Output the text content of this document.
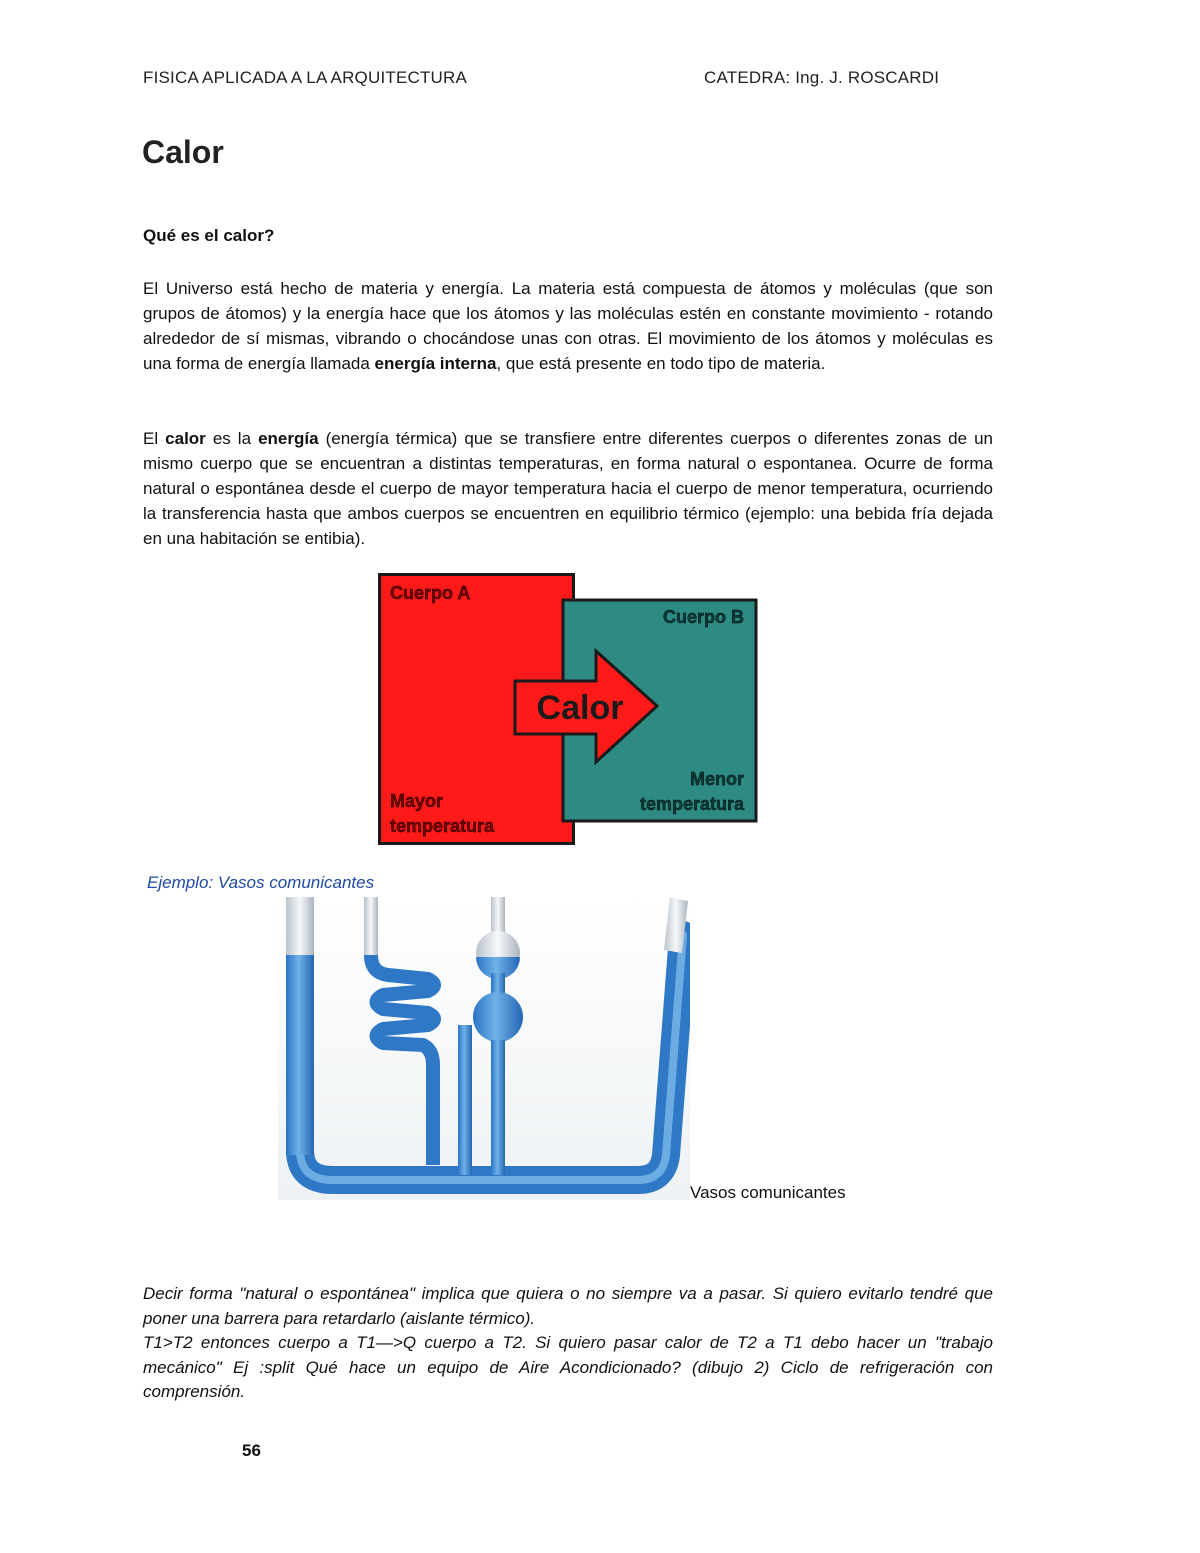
FISICA APLICADA A LA ARQUITECTURA	CATEDRA: Ing. J. ROSCARDI
Calor
Qué es el calor?

El Universo está hecho de materia y energía. La materia está compuesta de átomos y moléculas (que son grupos de átomos) y la energía hace que los átomos y las moléculas estén en constante movimiento - rotando alrededor de sí mismas, vibrando o chocándose unas con otras. El movimiento de los átomos y moléculas es una forma de energía llamada energía interna, que está presente en todo tipo de materia.

El calor es la energía (energía térmica) que se transfiere entre diferentes cuerpos o diferentes zonas de un mismo cuerpo que se encuentran a distintas temperaturas, en forma natural o espontanea. Ocurre de forma natural o espontánea desde el cuerpo de mayor temperatura hacia el cuerpo de menor temperatura, ocurriendo la transferencia hasta que ambos cuerpos se encuentren en equilibrio térmico (ejemplo: una bebida fría dejada en una habitación se entibia).

Cuerpo A
Cuerpo B
Calor
Mayor
temperatura
Menor
temperatura
Ejemplo: Vasos comunicantes
Vasos comunicantes

Decir forma "natural o espontánea" implica que quiera o no siempre va a pasar. Si quiero evitarlo tendré que poner una barrera para retardarlo (aislante térmico).
T1>T2 entonces cuerpo a T1—>Q cuerpo a T2. Si quiero pasar calor de T2 a T1 debo hacer un "trabajo mecánico" Ej :split Qué hace un equipo de Aire Acondicionado? (dibujo 2) Ciclo de refrigeración con comprensión.

56
